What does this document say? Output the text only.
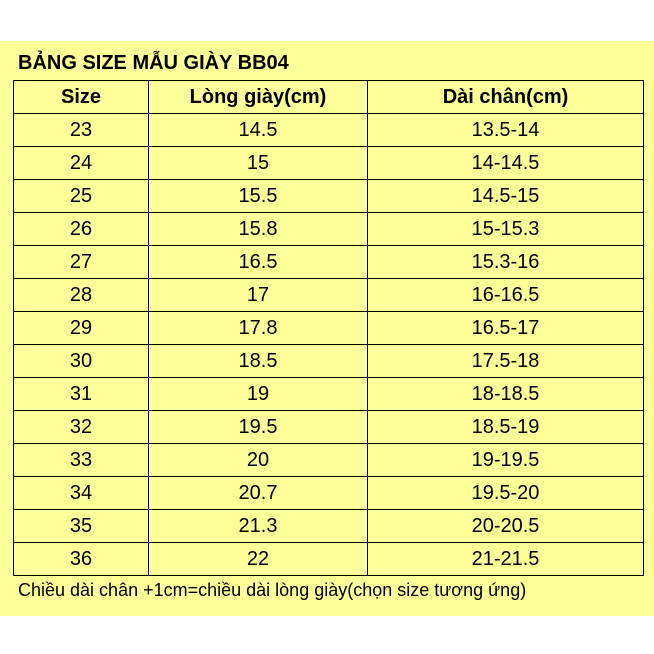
BẢNG SIZE MẪU GIÀY BB04
Size	Lòng giày(cm)	Dài chân(cm)
23	14.5	13.5-14
24	15	14-14.5
25	15.5	14.5-15
26	15.8	15-15.3
27	16.5	15.3-16
28	17	16-16.5
29	17.8	16.5-17
30	18.5	17.5-18
31	19	18-18.5
32	19.5	18.5-19
33	20	19-19.5
34	20.7	19.5-20
35	21.3	20-20.5
36	22	21-21.5
Chiều dài chân +1cm=chiều dài lòng giày(chọn size tương ứng)
